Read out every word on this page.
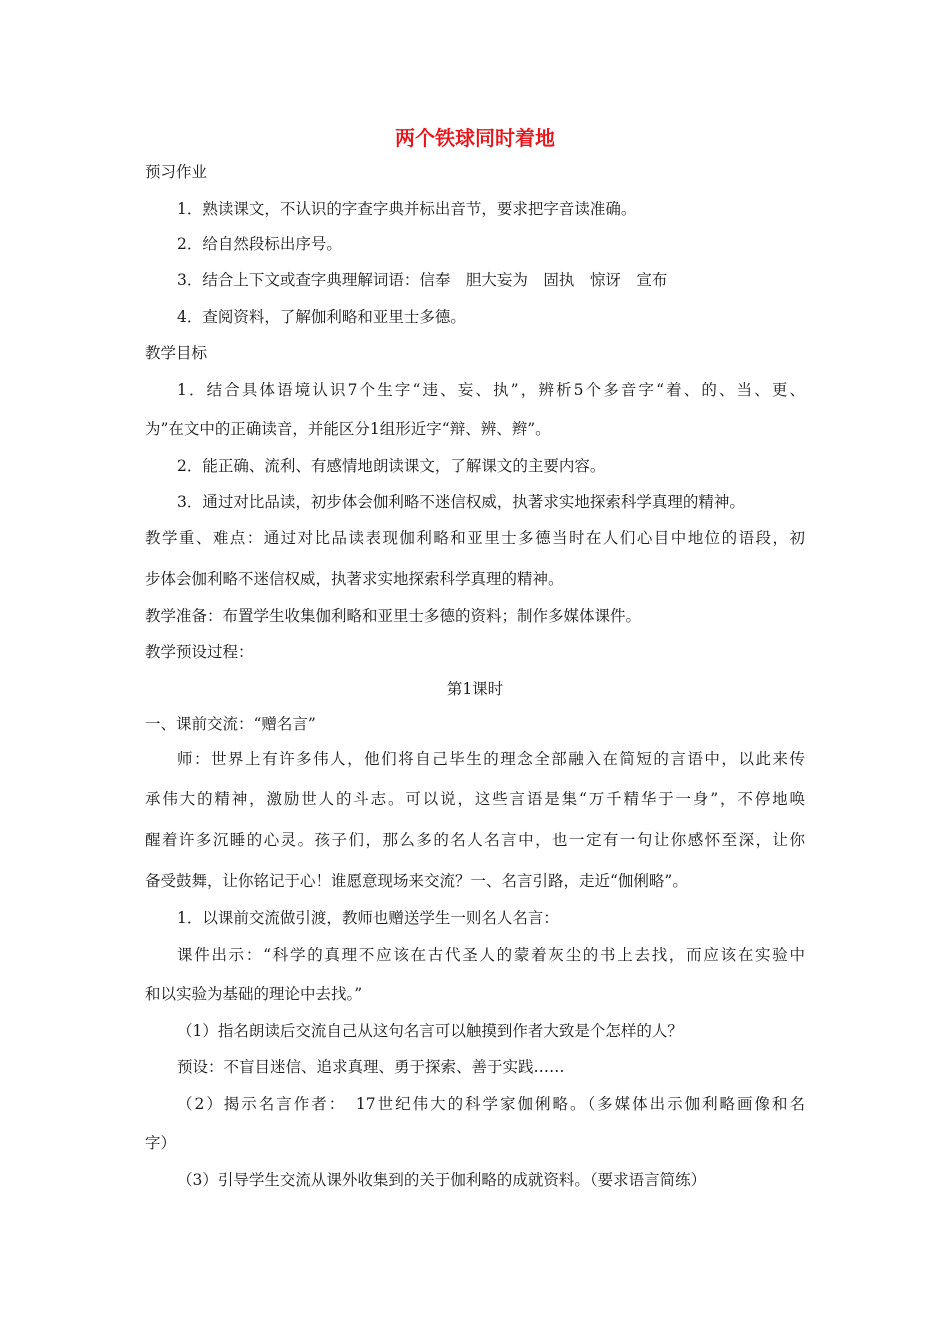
两个铁球同时着地
预习作业
1．熟读课文，不认识的字查字典并标出音节，要求把字音读准确。
2．给自然段标出序号。
3．结合上下文或查字典理解词语：信奉　胆大妄为　固执　惊讶　宣布
4．查阅资料，了解伽利略和亚里士多德。
教学目标
1．结合具体语境认识7个生字“违、妄、执”，辨析5个多音字“着、的、当、更、
为”在文中的正确读音，并能区分1组形近字“辩、辨、辫”。
2．能正确、流利、有感情地朗读课文，了解课文的主要内容。
3．通过对比品读，初步体会伽利略不迷信权威，执著求实地探索科学真理的精神。
教学重、难点：通过对比品读表现伽利略和亚里士多德当时在人们心目中地位的语段，初
步体会伽利略不迷信权威，执著求实地探索科学真理的精神。
教学准备：布置学生收集伽利略和亚里士多德的资料；制作多媒体课件。
教学预设过程：
第1课时
一、课前交流：“赠名言”
师：世界上有许多伟人，他们将自己毕生的理念全部融入在简短的言语中，以此来传
承伟大的精神，激励世人的斗志。可以说，这些言语是集“万千精华于一身”，不停地唤
醒着许多沉睡的心灵。孩子们，那么多的名人名言中，也一定有一句让你感怀至深，让你
备受鼓舞，让你铭记于心！谁愿意现场来交流？一、名言引路，走近“伽俐略”。
1．以课前交流做引渡，教师也赠送学生一则名人名言：
课件出示：“科学的真理不应该在古代圣人的蒙着灰尘的书上去找，而应该在实验中
和以实验为基础的理论中去找。”
（1）指名朗读后交流自己从这句名言可以触摸到作者大致是个怎样的人？
预设：不盲目迷信、追求真理、勇于探索、善于实践……
（2）揭示名言作者：　17世纪伟大的科学家伽俐略。（多媒体出示伽利略画像和名
字）
（3）引导学生交流从课外收集到的关于伽利略的成就资料。（要求语言简练）
